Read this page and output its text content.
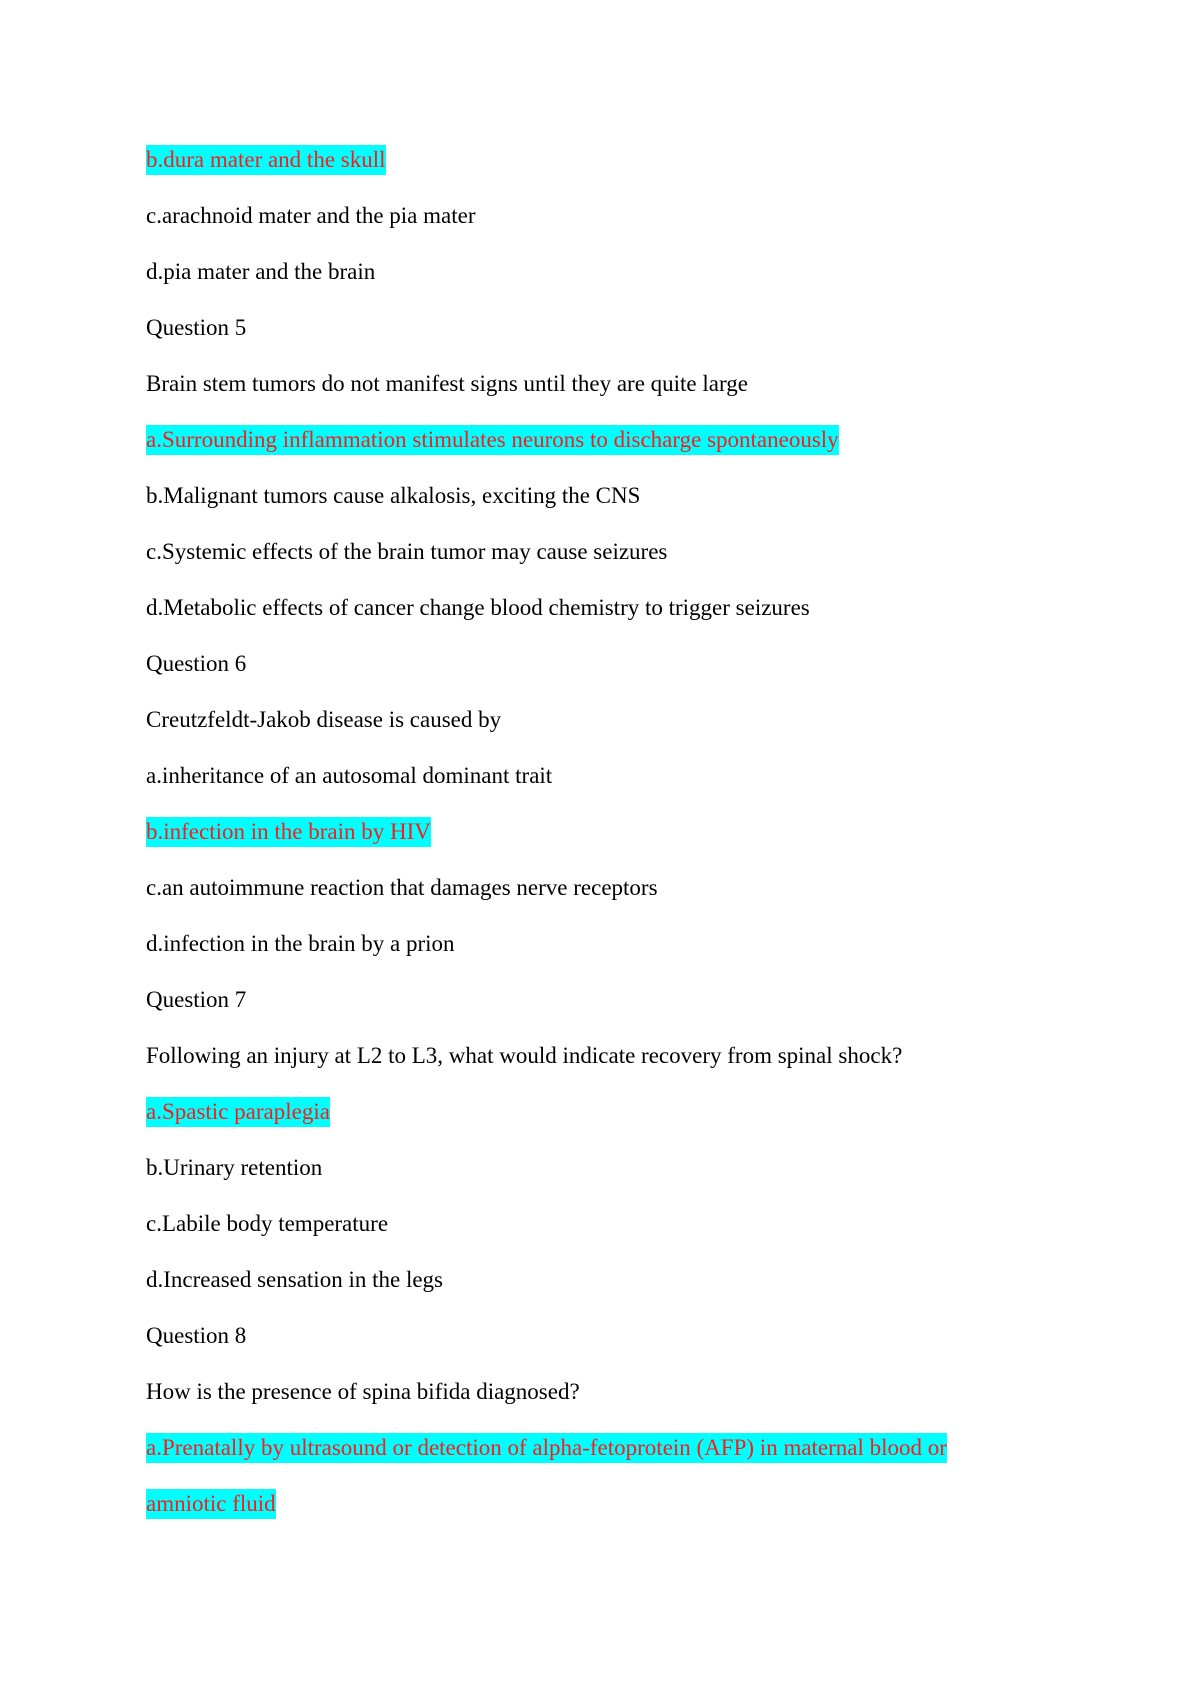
b.dura mater and the skull
c.arachnoid mater and the pia mater
d.pia mater and the brain
Question 5
Brain stem tumors do not manifest signs until they are quite large
a.Surrounding inflammation stimulates neurons to discharge spontaneously
b.Malignant tumors cause alkalosis, exciting the CNS
c.Systemic effects of the brain tumor may cause seizures
d.Metabolic effects of cancer change blood chemistry to trigger seizures
Question 6
Creutzfeldt-Jakob disease is caused by
a.inheritance of an autosomal dominant trait
b.infection in the brain by HIV
c.an autoimmune reaction that damages nerve receptors
d.infection in the brain by a prion
Question 7
Following an injury at L2 to L3, what would indicate recovery from spinal shock?
a.Spastic paraplegia
b.Urinary retention
c.Labile body temperature
d.Increased sensation in the legs
Question 8
How is the presence of spina bifida diagnosed?
a.Prenatally by ultrasound or detection of alpha-fetoprotein (AFP) in maternal blood or
amniotic fluid
